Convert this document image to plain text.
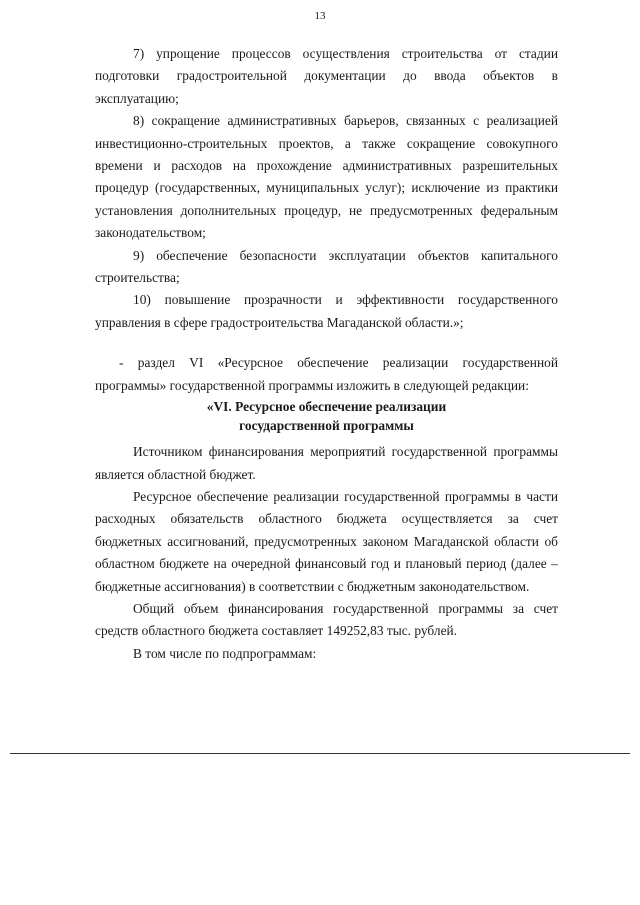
13

7) упрощение процессов осуществления строительства от стадии подготовки градостроительной документации до ввода объектов в эксплуатацию;

8) сокращение административных барьеров, связанных с реализацией инвестиционно-строительных проектов, а также сокращение совокупного времени и расходов на прохождение административных разрешительных процедур (государственных, муниципальных услуг); исключение из практики установления дополнительных процедур, не предусмотренных федеральным законодательством;

9) обеспечение безопасности эксплуатации объектов капитального строительства;

10) повышение прозрачности и эффективности государственного управления в сфере градостроительства Магаданской области.»;

- раздел VI «Ресурсное обеспечение реализации государственной программы» государственной программы изложить в следующей редакции:

«VI. Ресурсное обеспечение реализации
государственной программы

Источником финансирования мероприятий государственной программы является областной бюджет.

Ресурсное обеспечение реализации государственной программы в части расходных обязательств областного бюджета осуществляется за счет бюджетных ассигнований, предусмотренных законом Магаданской области об областном бюджете на очередной финансовый год и плановый период (далее – бюджетные ассигнования) в соответствии с бюджетным законодательством.

Общий объем финансирования государственной программы за счет средств областного бюджета составляет 149252,83 тыс. рублей.

В том числе по подпрограммам:
